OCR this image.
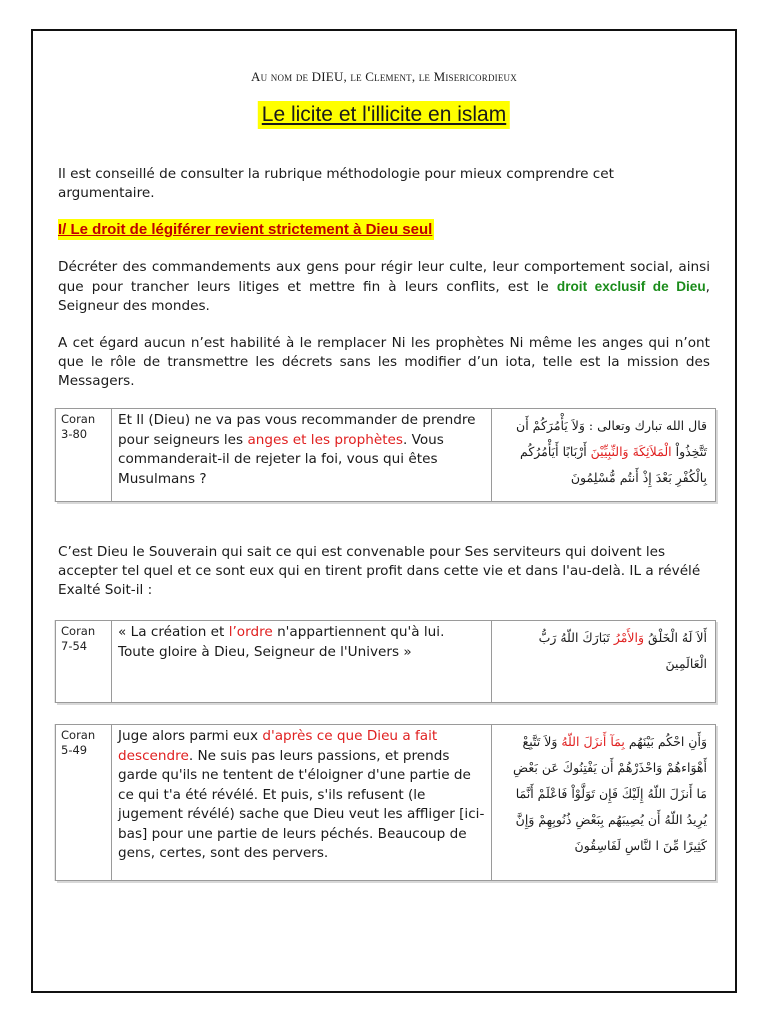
Au nom de DIEU, le Clement, le Misericordieux
Le licite et l'illicite en islam

Il est conseillé de consulter la rubrique méthodologie pour mieux comprendre cet argumentaire.

I/ Le droit de légiférer revient strictement à Dieu seul

Décréter des commandements aux gens pour régir leur culte, leur comportement social, ainsi que pour trancher leurs litiges et mettre fin à leurs conflits, est le droit exclusif de Dieu, Seigneur des mondes.

A cet égard aucun n’est habilité à le remplacer Ni les prophètes Ni même les anges qui n’ont que le rôle de transmettre les décrets sans les modifier d’un iota, telle est la mission des Messagers.

Coran 3-80
Et Il (Dieu) ne va pas vous recommander de prendre pour seigneurs les anges et les prophètes. Vous commanderait-il de rejeter la foi, vous qui êtes Musulmans ?
قال الله تبارك وتعالى : وَلاَ يَأْمُرَكُمْ أَن تَتَّخِذُواْ الْمَلاَئِكَةَ وَالنِّبِيِّيْنَ أَرْبَابًا أَيَأْمُرُكُم بِالْكُفْرِ بَعْدَ إِذْ أَنتُم مُّسْلِمُونَ

C’est Dieu le Souverain qui sait ce qui est convenable pour Ses serviteurs qui doivent les accepter tel quel et ce sont eux qui en tirent profit dans cette vie et dans l'au-delà. IL a révélé Exalté Soit-il :

Coran 7-54
« La création et l’ordre n'appartiennent qu'à lui. Toute gloire à Dieu, Seigneur de l'Univers »
أَلاَ لَهُ الْخَلْقُ وَالأَمْرُ تَبَارَكَ اللّهُ رَبُّ الْعَالَمِينَ
Coran 5-49
Juge alors parmi eux d'après ce que Dieu a fait descendre. Ne suis pas leurs passions, et prends garde qu'ils ne tentent de t'éloigner d'une partie de ce qui t'a été révélé. Et puis, s'ils refusent (le jugement révélé) sache que Dieu veut les affliger [ici-bas] pour une partie de leurs péchés. Beaucoup de gens, certes, sont des pervers.
وَأَنِ احْكُم بَيْنَهُم بِمَآ أَنزَلَ اللّهُ وَلاَ تَتَّبِعْ أَهْوَاءهُمْ وَاحْذَرْهُمْ أَن يَفْتِنُوكَ عَن بَعْضِ مَا أَنزَلَ اللّهُ إِلَيْكَ فَإِن تَوَلَّوْاْ فَاعْلَمْ أَنَّمَا يُرِيدُ اللّهُ أَن يُصِيبَهُم بِبَعْضِ ذُنُوبِهِمْ وَإِنَّ كَثِيرًا مِّنَ ا لنَّاسِ لَفَاسِقُونَ
